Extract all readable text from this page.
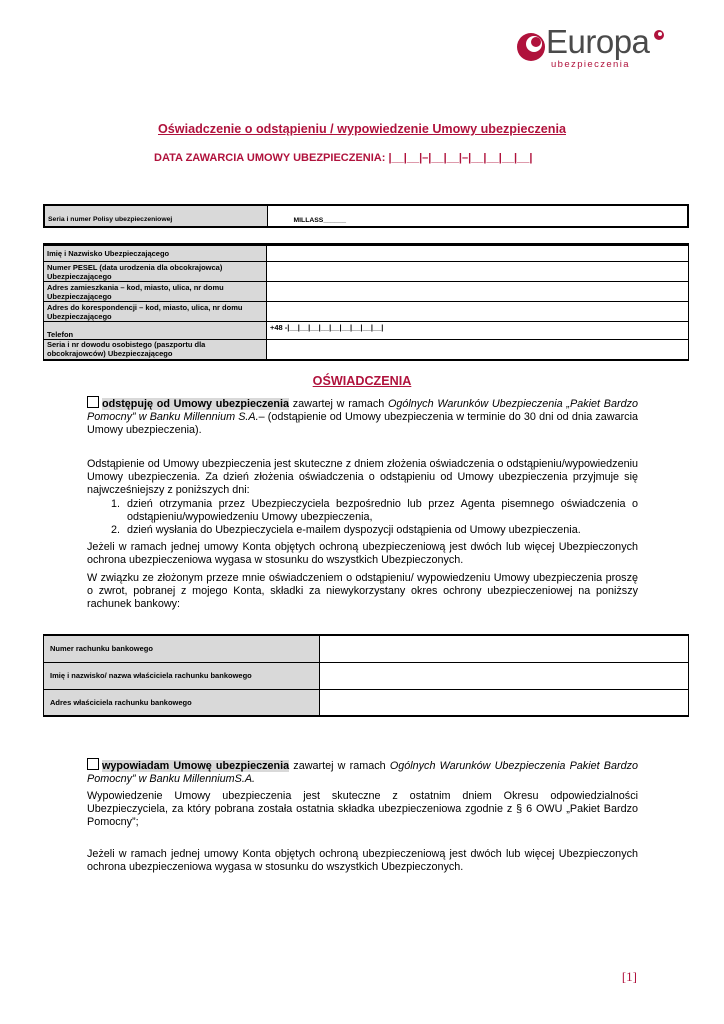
Europa
ubezpieczenia
Oświadczenie o odstąpieniu / wypowiedzenie Umowy ubezpieczenia
DATA ZAWARCIA UMOWY UBEZPIECZENIA: |__|__|–|__|__|–|__|__|__|__|
Seria i numer Polisy ubezpieczeniowej	MILLASS______
Imię i Nazwisko Ubezpieczającego	
Numer PESEL (data urodzenia dla obcokrajowca) Ubezpieczającego	
Adres zamieszkania – kod, miasto, ulica, nr domu Ubezpieczającego	
Adres do korespondencji – kod, miasto, ulica, nr domu Ubezpieczającego	
Telefon	+48 -|__|__|__|__|__|__|__|__|__|
Seria i nr dowodu osobistego (paszportu dla obcokrajowców) Ubezpieczającego	
OŚWIADCZENIA
odstępuję od Umowy ubezpieczenia zawartej w ramach Ogólnych Warunków Ubezpieczenia „Pakiet Bardzo Pomocny” w Banku Millennium S.A.– (odstąpienie od Umowy ubezpieczenia w terminie do 30 dni od dnia zawarcia Umowy ubezpieczenia).
Odstąpienie od Umowy ubezpieczenia jest skuteczne z dniem złożenia oświadczenia o odstąpieniu/wypowiedzeniu Umowy ubezpieczenia. Za dzień złożenia oświadczenia o odstąpieniu od Umowy ubezpieczenia przyjmuje się najwcześniejszy z poniższych dni:
1. dzień otrzymania przez Ubezpieczyciela bezpośrednio lub przez Agenta pisemnego oświadczenia o odstąpieniu/wypowiedzeniu Umowy ubezpieczenia,
2. dzień wysłania do Ubezpieczyciela e-mailem dyspozycji odstąpienia od Umowy ubezpieczenia.
Jeżeli w ramach jednej umowy Konta objętych ochroną ubezpieczeniową jest dwóch lub więcej Ubezpieczonych ochrona ubezpieczeniowa wygasa w stosunku do wszystkich Ubezpieczonych.
W związku ze złożonym przeze mnie oświadczeniem o odstąpieniu/ wypowiedzeniu Umowy ubezpieczenia proszę o zwrot, pobranej z mojego Konta, składki za niewykorzystany okres ochrony ubezpieczeniowej na poniższy rachunek bankowy:
Numer rachunku bankowego	
Imię i nazwisko/ nazwa właściciela rachunku bankowego	
Adres właściciela rachunku bankowego	
wypowiadam Umowę ubezpieczenia zawartej w ramach Ogólnych Warunków Ubezpieczenia Pakiet Bardzo Pomocny” w Banku MillenniumS.A.
Wypowiedzenie Umowy ubezpieczenia jest skuteczne z ostatnim dniem Okresu odpowiedzialności Ubezpieczyciela, za który pobrana została ostatnia składka ubezpieczeniowa zgodnie z § 6 OWU „Pakiet Bardzo Pomocny”;
Jeżeli w ramach jednej umowy Konta objętych ochroną ubezpieczeniową jest dwóch lub więcej Ubezpieczonych ochrona ubezpieczeniowa wygasa w stosunku do wszystkich Ubezpieczonych.
[1]
